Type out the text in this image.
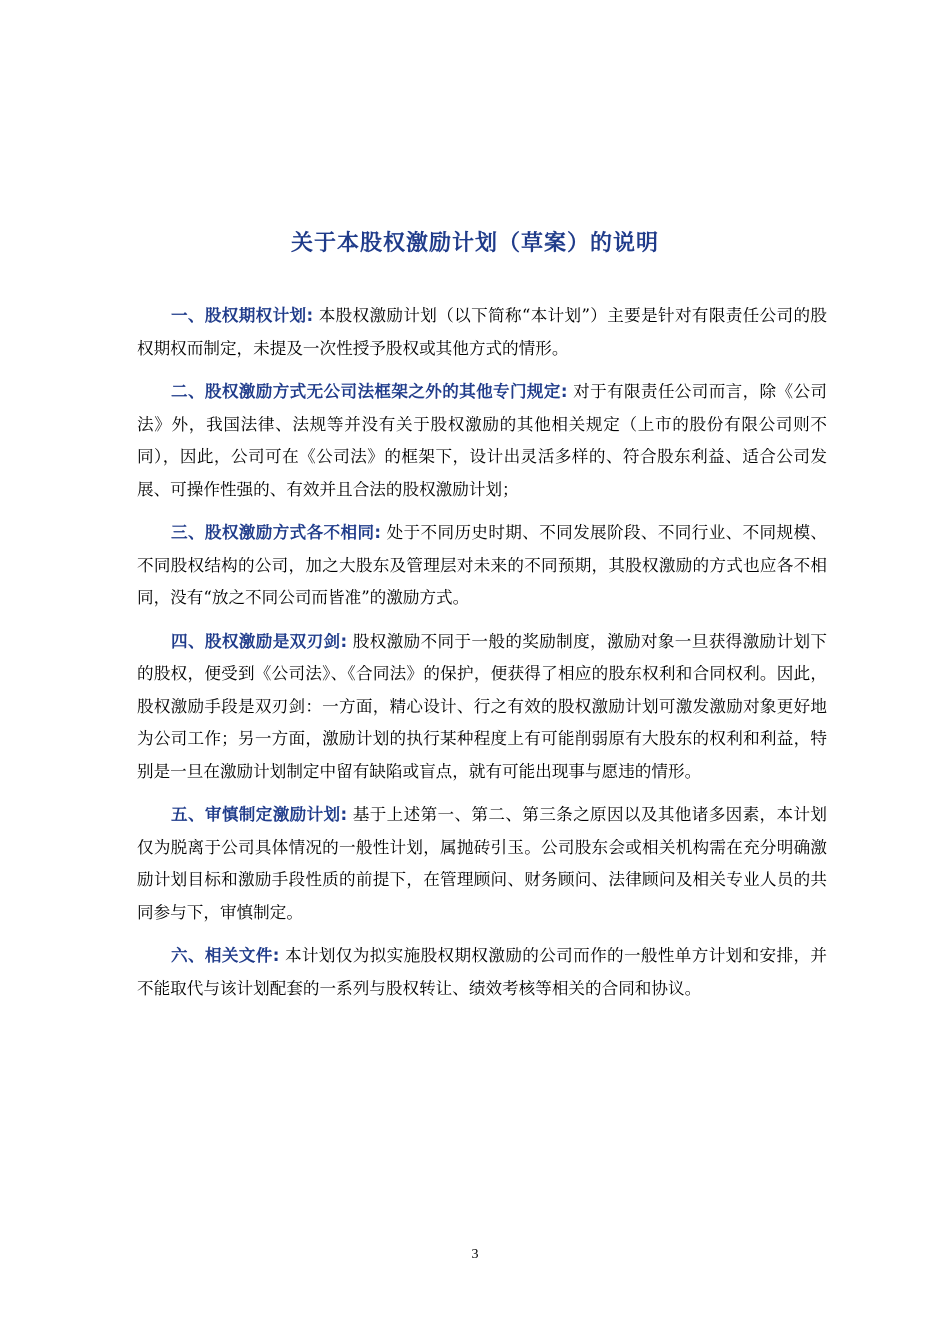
关于本股权激励计划（草案）的说明

一、股权期权计划: 本股权激励计划（以下简称“本计划”）主要是针对有限责任公司的股权期权而制定，未提及一次性授予股权或其他方式的情形。

二、股权激励方式无公司法框架之外的其他专门规定: 对于有限责任公司而言，除《公司法》外，我国法律、法规等并没有关于股权激励的其他相关规定（上市的股份有限公司则不同），因此，公司可在《公司法》的框架下，设计出灵活多样的、符合股东利益、适合公司发展、可操作性强的、有效并且合法的股权激励计划；

三、股权激励方式各不相同: 处于不同历史时期、不同发展阶段、不同行业、不同规模、不同股权结构的公司，加之大股东及管理层对未来的不同预期，其股权激励的方式也应各不相同，没有“放之不同公司而皆准”的激励方式。

四、股权激励是双刃剑: 股权激励不同于一般的奖励制度，激励对象一旦获得激励计划下的股权，便受到《公司法》、《合同法》的保护，便获得了相应的股东权利和合同权利。因此，股权激励手段是双刃剑：一方面，精心设计、行之有效的股权激励计划可激发激励对象更好地为公司工作；另一方面，激励计划的执行某种程度上有可能削弱原有大股东的权利和利益，特别是一旦在激励计划制定中留有缺陷或盲点，就有可能出现事与愿违的情形。

五、审慎制定激励计划: 基于上述第一、第二、第三条之原因以及其他诸多因素，本计划仅为脱离于公司具体情况的一般性计划，属抛砖引玉。公司股东会或相关机构需在充分明确激励计划目标和激励手段性质的前提下，在管理顾问、财务顾问、法律顾问及相关专业人员的共同参与下，审慎制定。

六、相关文件: 本计划仅为拟实施股权期权激励的公司而作的一般性单方计划和安排，并不能取代与该计划配套的一系列与股权转让、绩效考核等相关的合同和协议。

3
